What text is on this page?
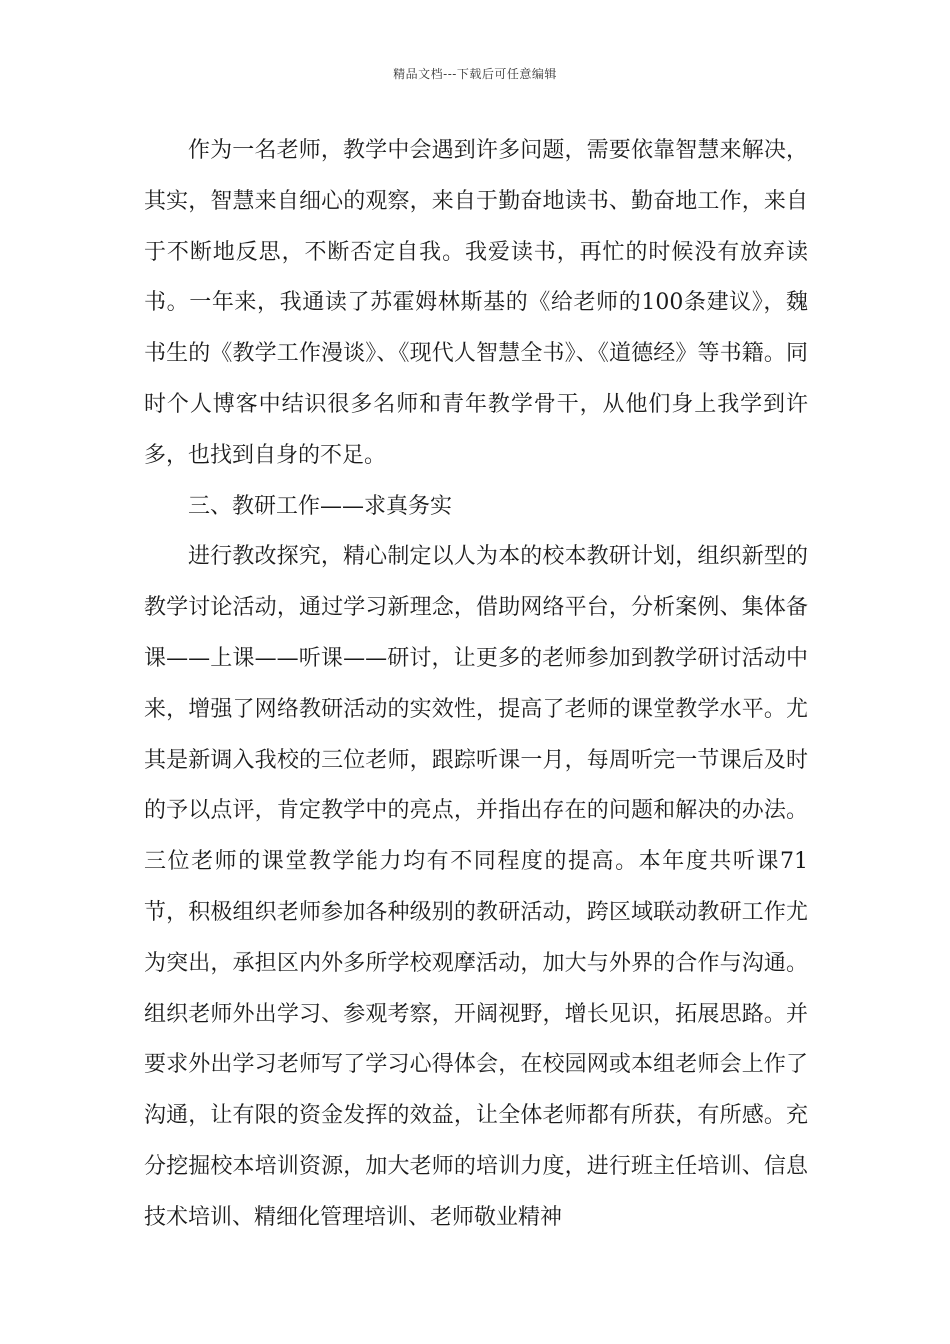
精品文档---下载后可任意编辑

作为一名老师，教学中会遇到许多问题，需要依靠智慧来解决，其实，智慧来自细心的观察，来自于勤奋地读书、勤奋地工作，来自于不断地反思，不断否定自我。我爱读书，再忙的时候没有放弃读书。一年来，我通读了苏霍姆林斯基的《给老师的100条建议》，魏书生的《教学工作漫谈》、《现代人智慧全书》、《道德经》等书籍。同时个人博客中结识很多名师和青年教学骨干，从他们身上我学到许多，也找到自身的不足。

三、教研工作——求真务实

进行教改探究，精心制定以人为本的校本教研计划，组织新型的教学讨论活动，通过学习新理念，借助网络平台，分析案例、集体备课——上课——听课——研讨，让更多的老师参加到教学研讨活动中来，增强了网络教研活动的实效性，提高了老师的课堂教学水平。尤其是新调入我校的三位老师，跟踪听课一月，每周听完一节课后及时的予以点评，肯定教学中的亮点，并指出存在的问题和解决的办法。三位老师的课堂教学能力均有不同程度的提高。本年度共听课71节，积极组织老师参加各种级别的教研活动，跨区域联动教研工作尤为突出，承担区内外多所学校观摩活动，加大与外界的合作与沟通。组织老师外出学习、参观考察，开阔视野，增长见识，拓展思路。并要求外出学习老师写了学习心得体会，在校园网或本组老师会上作了沟通，让有限的资金发挥的效益，让全体老师都有所获，有所感。充分挖掘校本培训资源，加大老师的培训力度，进行班主任培训、信息技术培训、精细化管理培训、老师敬业精神
